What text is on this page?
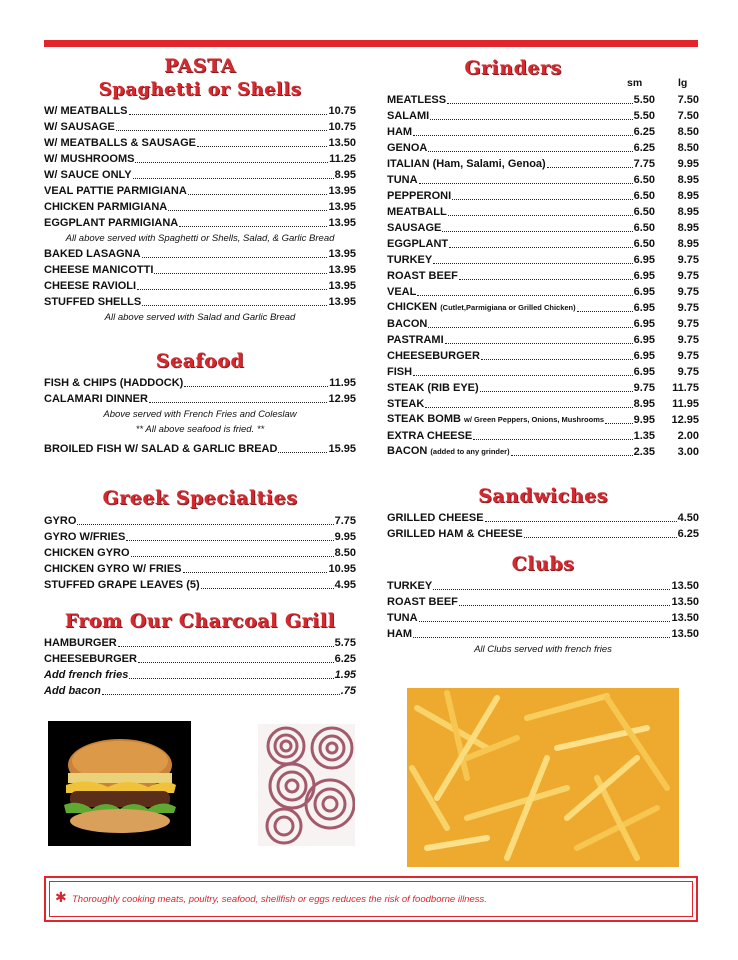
PASTA
Spaghetti or Shells
W/ MEATBALLS	10.75
W/ SAUSAGE	10.75
W/ MEATBALLS & SAUSAGE	13.50
W/ MUSHROOMS	11.25
W/ SAUCE ONLY	8.95
VEAL PATTIE PARMIGIANA	13.95
CHICKEN PARMIGIANA	13.95
EGGPLANT PARMIGIANA	13.95
All above served with Spaghetti or Shells, Salad, & Garlic Bread
BAKED LASAGNA	13.95
CHEESE MANICOTTI	13.95
CHEESE RAVIOLI	13.95
STUFFED SHELLS	13.95
All above served with Salad and Garlic Bread
Seafood
FISH & CHIPS (HADDOCK)	11.95
CALAMARI DINNER	12.95
Above served with French Fries and Coleslaw
** All above seafood is fried. **
BROILED FISH W/ SALAD & GARLIC BREAD	15.95
Greek Specialties
GYRO	7.75
GYRO W/FRIES	9.95
CHICKEN GYRO	8.50
CHICKEN GYRO W/ FRIES	10.95
STUFFED GRAPE LEAVES (5)	4.95
From Our Charcoal Grill
HAMBURGER	5.75
CHEESEBURGER	6.25
Add french fries	1.95
Add bacon	.75
Grinders
sm	lg
MEATLESS	5.50	7.50
SALAMI	5.50	7.50
HAM	6.25	8.50
GENOA	6.25	8.50
ITALIAN (Ham, Salami, Genoa)	7.75	9.95
TUNA	6.50	8.95
PEPPERONI	6.50	8.95
MEATBALL	6.50	8.95
SAUSAGE	6.50	8.95
EGGPLANT	6.50	8.95
TURKEY	6.95	9.75
ROAST BEEF	6.95	9.75
VEAL	6.95	9.75
CHICKEN (Cutlet,Parmigiana or Grilled Chicken)	6.95	9.75
BACON	6.95	9.75
PASTRAMI	6.95	9.75
CHEESEBURGER	6.95	9.75
FISH	6.95	9.75
STEAK (RIB EYE)	9.75	11.75
STEAK	8.95	11.95
STEAK BOMB w/ Green Peppers, Onions, Mushrooms	9.95	12.95
EXTRA CHEESE	1.35	2.00
BACON (added to any grinder)	2.35	3.00
Sandwiches
GRILLED CHEESE	4.50
GRILLED HAM & CHEESE	6.25
Clubs
TURKEY	13.50
ROAST BEEF	13.50
TUNA	13.50
HAM	13.50
All Clubs served with french fries
✱ Thoroughly cooking meats, poultry, seafood, shellfish or eggs reduces the risk of foodborne illness.
